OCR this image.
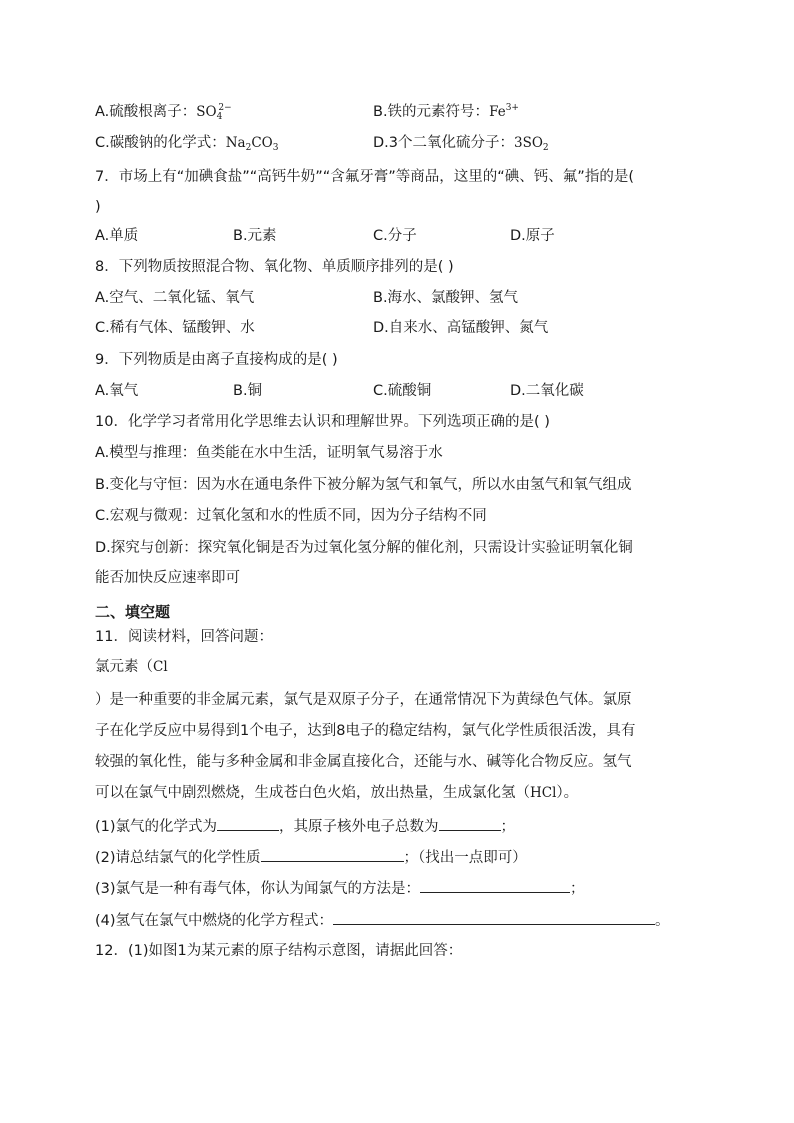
A.硫酸根离子：$SO_4^{2-}$	B.铁的元素符号：$Fe^{3+}$
C.碳酸钠的化学式：$Na_2CO_3$	D.3个二氧化硫分子：$3SO_2$
7．市场上有“加碘食盐”“高钙牛奶”“含氟牙膏”等商品，这里的“碘、钙、氟”指的是(
)
A.单质	B.元素	C.分子	D.原子
8．下列物质按照混合物、氧化物、单质顺序排列的是( )
A.空气、二氧化锰、氧气	B.海水、氯酸钾、氢气
C.稀有气体、锰酸钾、水	D.自来水、高锰酸钾、氮气
9．下列物质是由离子直接构成的是( )
A.氧气	B.铜	C.硫酸铜	D.二氧化碳
10．化学学习者常用化学思维去认识和理解世界。下列选项正确的是( )
A.模型与推理：鱼类能在水中生活，证明氧气易溶于水
B.变化与守恒：因为水在通电条件下被分解为氢气和氧气，所以水由氢气和氧气组成
C.宏观与微观：过氧化氢和水的性质不同，因为分子结构不同
D.探究与创新：探究氧化铜是否为过氧化氢分解的催化剂，只需设计实验证明氧化铜
能否加快反应速率即可
二、填空题
11．阅读材料，回答问题：
氯元素（Cl
）是一种重要的非金属元素，氯气是双原子分子，在通常情况下为黄绿色气体。氯原
子在化学反应中易得到1个电子，达到8电子的稳定结构，氯气化学性质很活泼，具有
较强的氧化性，能与多种金属和非金属直接化合，还能与水、碱等化合物反应。氢气
可以在氯气中剧烈燃烧，生成苍白色火焰，放出热量，生成氯化氢（HCl）。
(1)氯气的化学式为	，其原子核外电子总数为	；
(2)请总结氯气的化学性质	；（找出一点即可）
(3)氯气是一种有毒气体，你认为闻氯气的方法是：	；
(4)氢气在氯气中燃烧的化学方程式：	。
12．(1)如图1为某元素的原子结构示意图，请据此回答：
